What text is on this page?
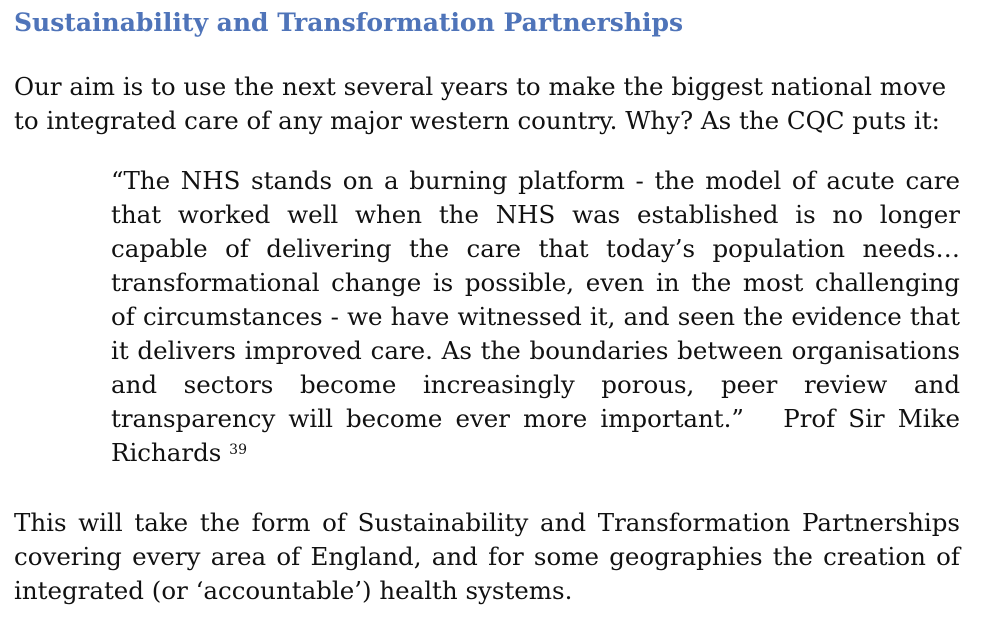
Sustainability and Transformation Partnerships

Our aim is to use the next several years to make the biggest national move to integrated care of any major western country. Why? As the CQC puts it:

“The NHS stands on a burning platform - the model of acute care that worked well when the NHS was established is no longer capable of delivering the care that today’s population needs… transformational change is possible, even in the most challenging of circumstances - we have witnessed it, and seen the evidence that it delivers improved care. As the boundaries between organisations and sectors become increasingly porous, peer review and transparency will become ever more important.” Prof Sir Mike Richards $^{39}$

This will take the form of Sustainability and Transformation Partnerships covering every area of England, and for some geographies the creation of integrated (or ‘accountable’) health systems.
